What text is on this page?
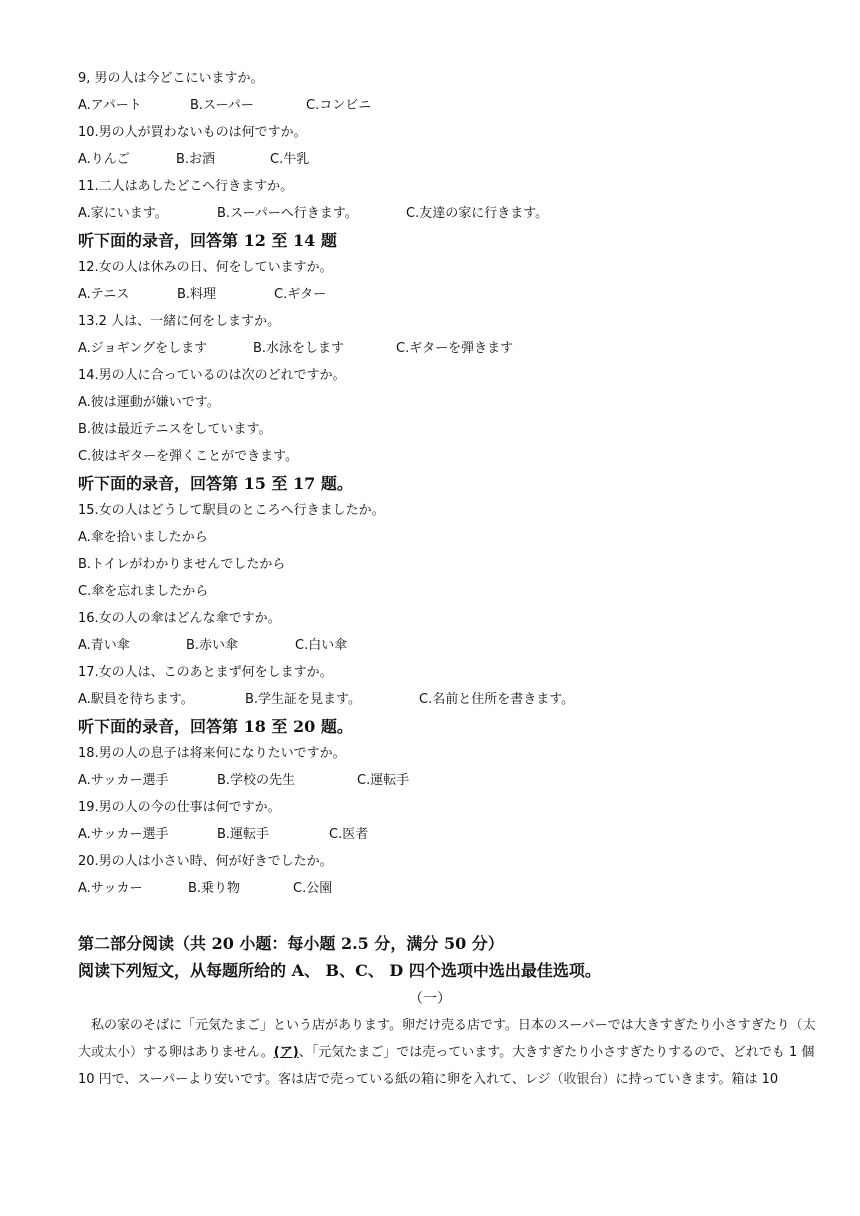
9, 男の人は今どこにいますか。
A.アパート	B.スーパー	C.コンビニ
10.男の人が買わないものは何ですか。
A.りんご	B.お酒	C.牛乳
11.二人はあしたどこへ行きますか。
A.家にいます。	B.スーパーへ行きます。	C.友達の家に行きます。
听下面的录音，回答第 12 至 14 题
12.女の人は休みの日、何をしていますか。
A.テニス	B.料理	C.ギター
13.2 人は、一緒に何をしますか。
A.ジョギングをします	B.水泳をします	C.ギターを弾きます
14.男の人に合っているのは次のどれですか。
A.彼は運動が嫌いです。
B.彼は最近テニスをしています。
C.彼はギターを弾くことができます。
听下面的录音，回答第 15 至 17 题。
15.女の人はどうして駅員のところへ行きましたか。
A.傘を拾いましたから
B.トイレがわかりませんでしたから
C.傘を忘れましたから
16.女の人の傘はどんな傘ですか。
A.青い傘	B.赤い傘	C.白い傘
17.女の人は、このあとまず何をしますか。
A.駅員を待ちます。	B.学生証を見ます。	C.名前と住所を書きます。
听下面的录音，回答第 18 至 20 题。
18.男の人の息子は将来何になりたいですか。
A.サッカー選手	B.学校の先生	C.運転手
19.男の人の今の仕事は何ですか。
A.サッカー選手	B.運転手	C.医者
20.男の人は小さい時、何が好きでしたか。
A.サッカー	B.乗り物	C.公園
第二部分阅读（共 20 小题：每小题 2.5 分，满分 50 分）
阅读下列短文，从每题所给的 A、 B、C、 D 四个选项中选出最佳选项。
（一）
　私の家のそばに「元気たまご」という店があります。卵だけ売る店です。日本のスーパーでは大きすぎたり小さすぎたり（太
大或太小）する卵はありません。(ア)、「元気たまご」では売っています。大きすぎたり小さすぎたりするので、どれでも 1 個
10 円で、スーパーより安いです。客は店で売っている紙の箱に卵を入れて、レジ（收银台）に持っていきます。箱は 10
